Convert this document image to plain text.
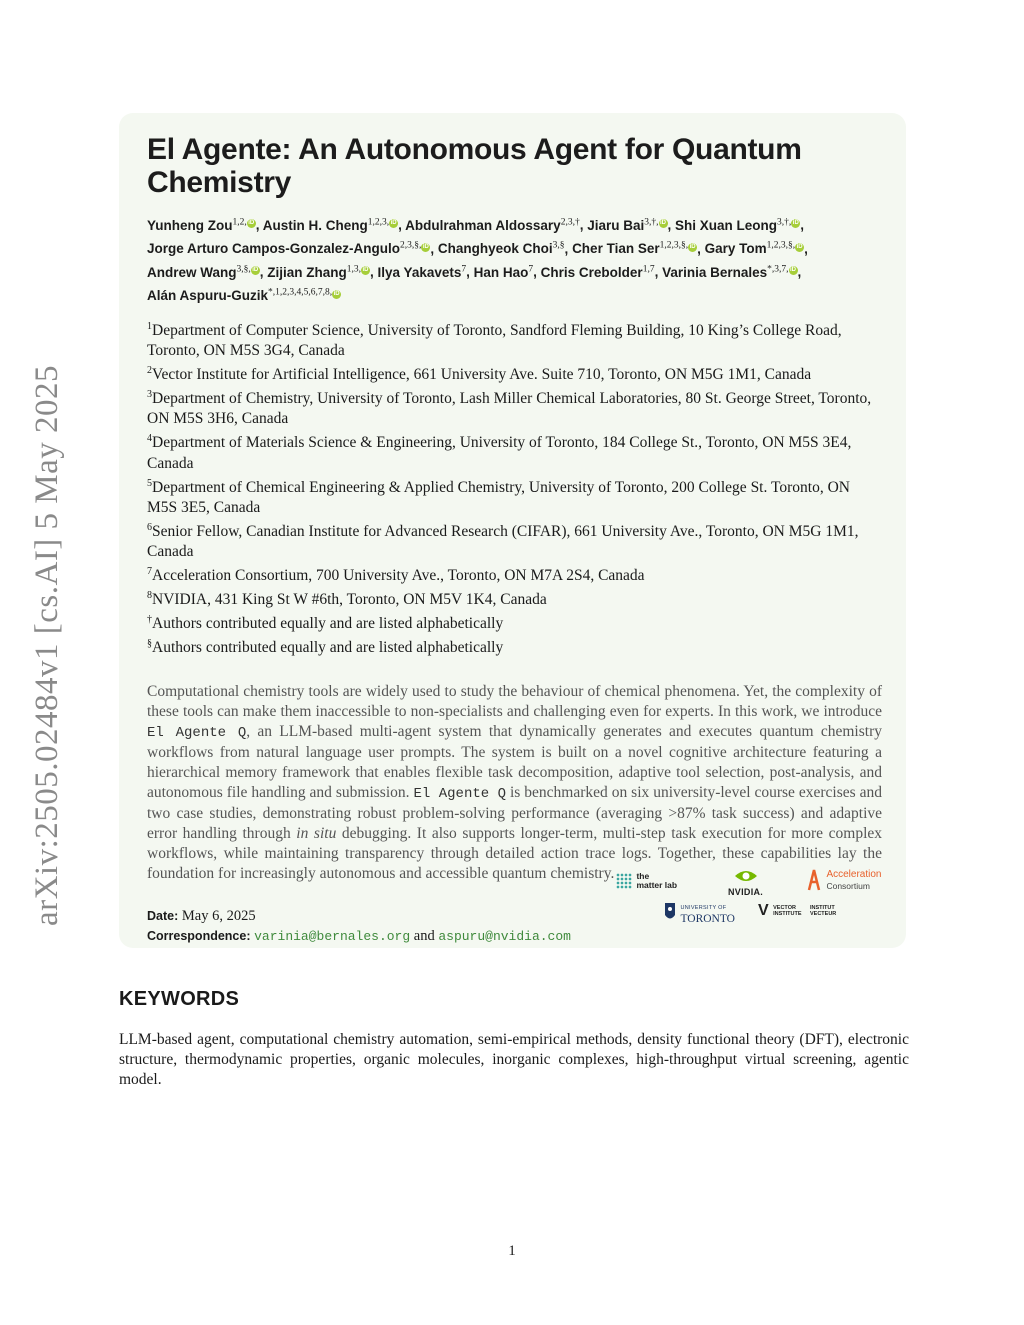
arXiv:2505.02484v1 [cs.AI] 5 May 2025
El Agente: An Autonomous Agent for Quantum Chemistry
Yunheng Zou$^{1,2,}$ iD , Austin H. Cheng$^{1,2,3,}$ iD , Abdulrahman Aldossary$^{2,3,\dagger}$, Jiaru Bai$^{3,\dagger,}$ iD , Shi Xuan Leong$^{3,\dagger,}$ iD , Jorge Arturo Campos-Gonzalez-Angulo$^{2,3,\S,}$ iD , Changhyeok Choi$^{3,\S}$, Cher Tian Ser$^{1,2,3,\S,}$ iD , Gary Tom$^{1,2,3,\S,}$ iD , Andrew Wang$^{3,\S,}$ iD , Zijian Zhang$^{1,3,}$ iD , Ilya Yakavets$^7$, Han Hao$^7$, Chris Crebolder$^{1,7}$, Varinia Bernales$^{*,3,7,}$ iD , Alán Aspuru-Guzik$^{*,1,2,3,4,5,6,7,8,}$ iD
$^1$Department of Computer Science, University of Toronto, Sandford Fleming Building, 10 King’s College Road, Toronto, ON M5S 3G4, Canada
$^2$Vector Institute for Artificial Intelligence, 661 University Ave. Suite 710, Toronto, ON M5G 1M1, Canada
$^3$Department of Chemistry, University of Toronto, Lash Miller Chemical Laboratories, 80 St. George Street, Toronto, ON M5S 3H6, Canada
$^4$Department of Materials Science & Engineering, University of Toronto, 184 College St., Toronto, ON M5S 3E4, Canada
$^5$Department of Chemical Engineering & Applied Chemistry, University of Toronto, 200 College St. Toronto, ON M5S 3E5, Canada
$^6$Senior Fellow, Canadian Institute for Advanced Research (CIFAR), 661 University Ave., Toronto, ON M5G 1M1, Canada
$^7$Acceleration Consortium, 700 University Ave., Toronto, ON M7A 2S4, Canada
$^8$NVIDIA, 431 King St W #6th, Toronto, ON M5V 1K4, Canada
†Authors contributed equally and are listed alphabetically
§Authors contributed equally and are listed alphabetically
Computational chemistry tools are widely used to study the behaviour of chemical phenomena. Yet, the complexity of these tools can make them inaccessible to non-specialists and challenging even for experts. In this work, we introduce El Agente Q, an LLM-based multi-agent system that dynamically generates and executes quantum chemistry workflows from natural language user prompts. The system is built on a novel cognitive architecture featuring a hierarchical memory framework that enables flexible task decomposition, adaptive tool selection, post-analysis, and autonomous file handling and submission. El Agente Q is benchmarked on six university-level course exercises and two case studies, demonstrating robust problem-solving performance (averaging >87% task success) and adaptive error handling through in situ debugging. It also supports longer-term, multi-step task execution for more complex workflows, while maintaining transparency through detailed action trace logs. Together, these capabilities lay the foundation for increasingly autonomous and accessible quantum chemistry.
Date: May 6, 2025
Correspondence: varinia@bernales.org and aspuru@nvidia.com
the
matter lab
NVIDIA.
Acceleration
Consortium
UNIVERSITY OF
TORONTO V VECTOR
INSTITUTE INSTITUT
VECTEUR
KEYWORDS
LLM-based agent, computational chemistry automation, semi-empirical methods, density functional theory (DFT), electronic structure, thermodynamic properties, organic molecules, inorganic complexes, high-throughput virtual screening, agentic model.
1
